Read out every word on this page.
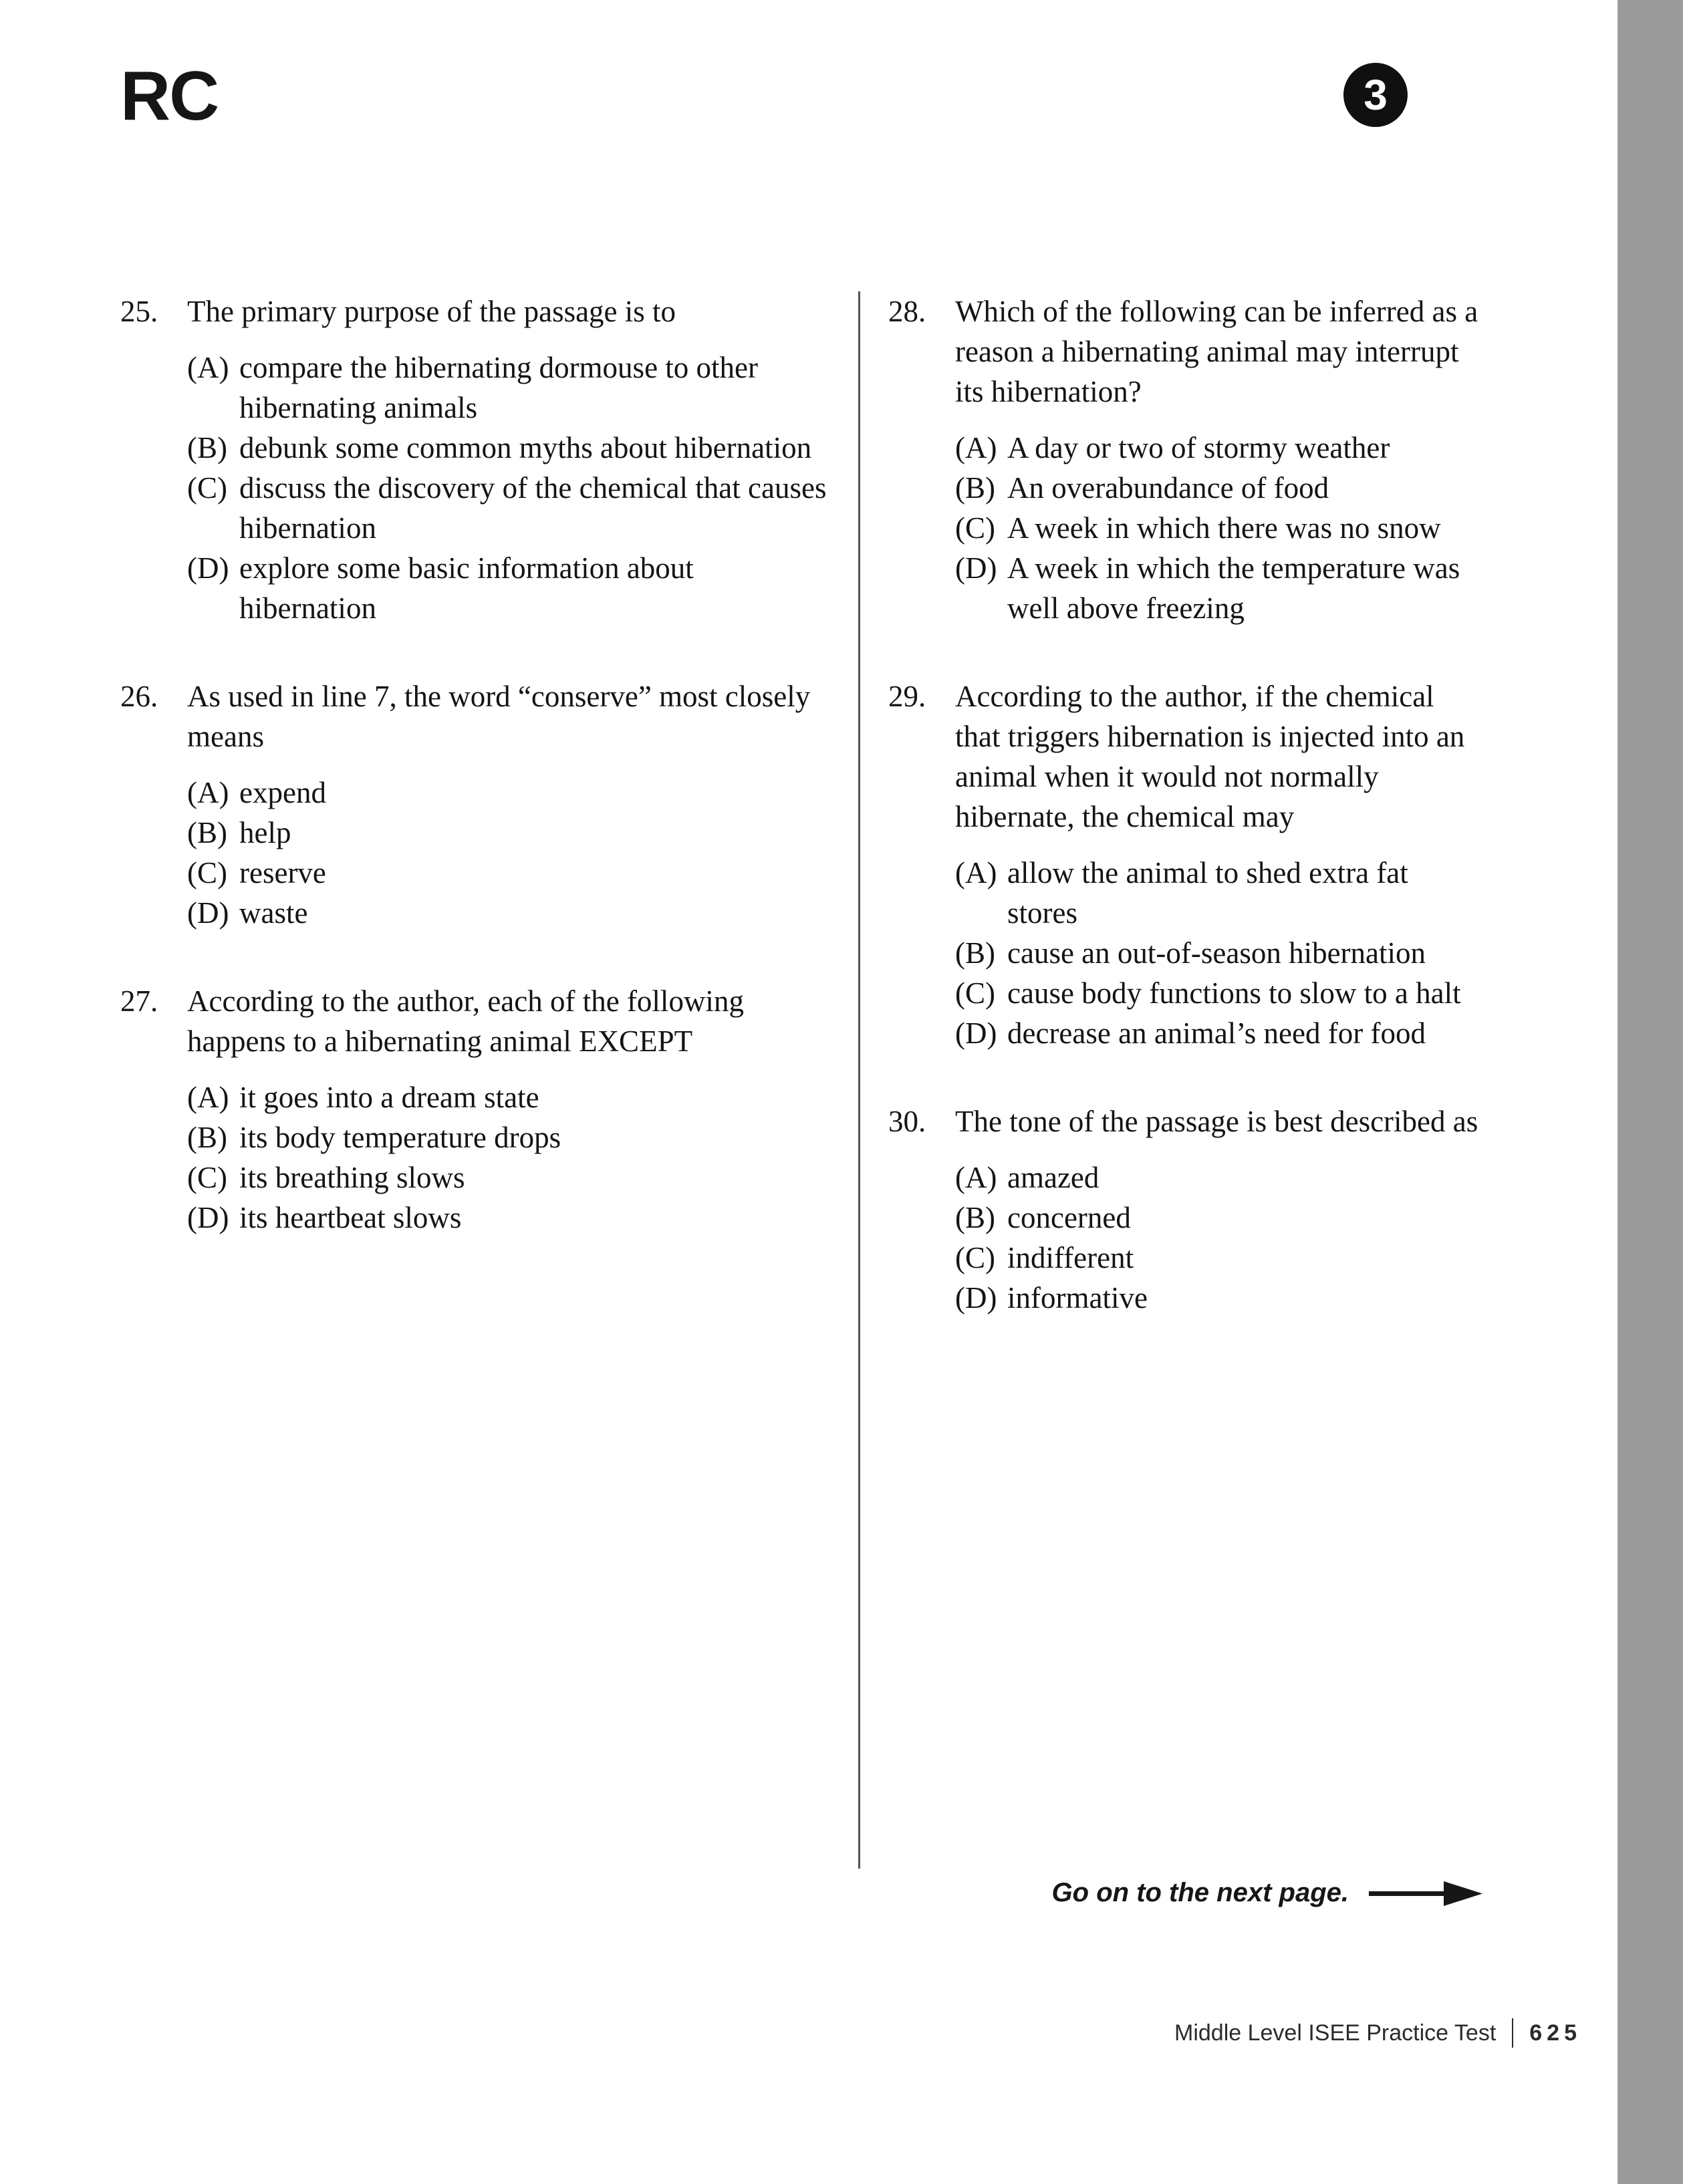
RC	3
25. The primary purpose of the passage is to

(A) compare the hibernating dormouse to other hibernating animals
(B) debunk some common myths about hibernation
(C) discuss the discovery of the chemical that causes hibernation
(D) explore some basic information about hibernation
26. As used in line 7, the word “conserve” most closely means

(A) expend
(B) help
(C) reserve
(D) waste
27. According to the author, each of the following happens to a hibernating animal EXCEPT

(A) it goes into a dream state
(B) its body temperature drops
(C) its breathing slows
(D) its heartbeat slows
28. Which of the following can be inferred as a reason a hibernating animal may interrupt its hibernation?

(A) A day or two of stormy weather
(B) An overabundance of food
(C) A week in which there was no snow
(D) A week in which the temperature was well above freezing
29. According to the author, if the chemical that triggers hibernation is injected into an animal when it would not normally hibernate, the chemical may

(A) allow the animal to shed extra fat stores
(B) cause an out-of-season hibernation
(C) cause body functions to slow to a halt
(D) decrease an animal’s need for food
30. The tone of the passage is best described as

(A) amazed
(B) concerned
(C) indifferent
(D) informative
Go on to the next page.
Middle Level ISEE Practice Test 625
